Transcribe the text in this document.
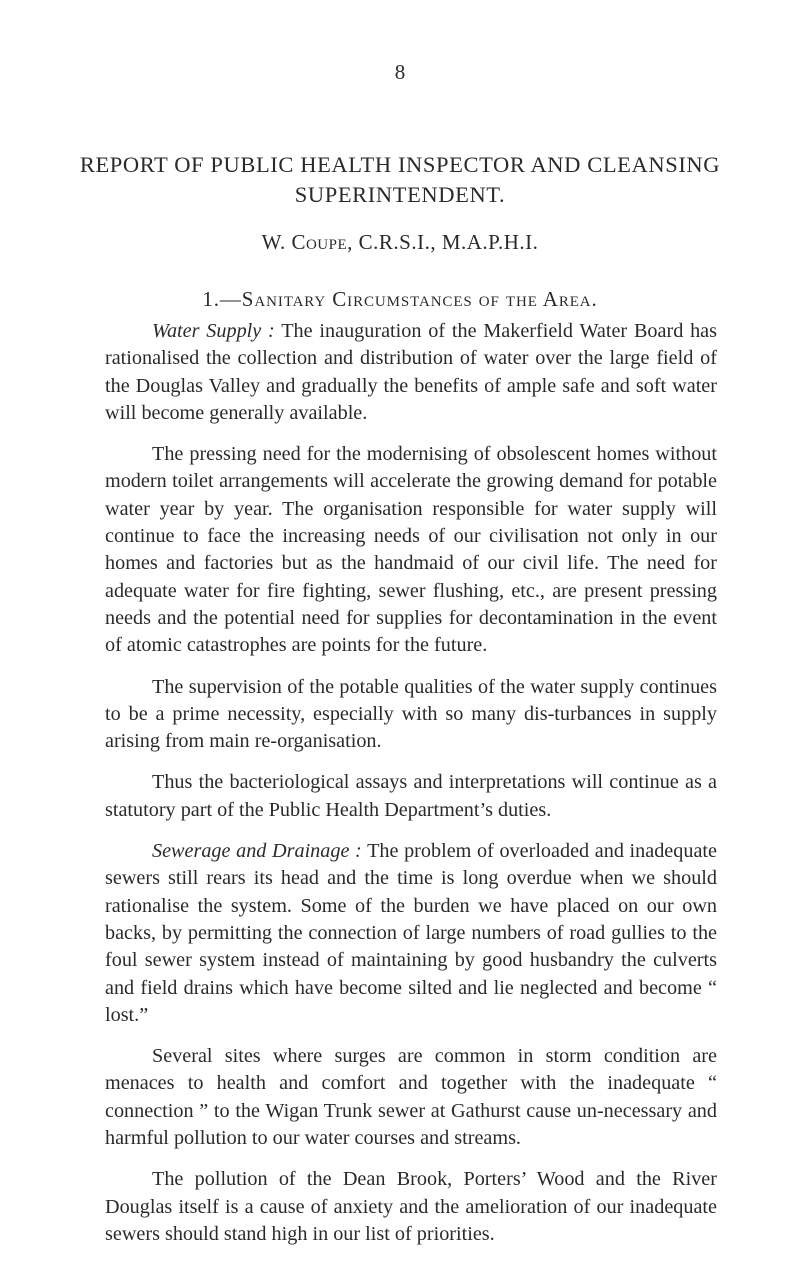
8
REPORT OF PUBLIC HEALTH INSPECTOR AND CLEANSING SUPERINTENDENT.
W. Coupe, C.R.S.I., M.A.P.H.I.
1.—Sanitary Circumstances of the Area.

Water Supply : The inauguration of the Makerfield Water Board has rationalised the collection and distribution of water over the large field of the Douglas Valley and gradually the benefits of ample safe and soft water will become generally available.

The pressing need for the modernising of obsolescent homes without modern toilet arrangements will accelerate the growing demand for potable water year by year. The organisation responsible for water supply will continue to face the increasing needs of our civilisation not only in our homes and factories but as the handmaid of our civil life. The need for adequate water for fire fighting, sewer flushing, etc., are present pressing needs and the potential need for supplies for decontamination in the event of atomic catastrophes are points for the future.

The supervision of the potable qualities of the water supply continues to be a prime necessity, especially with so many dis-turbances in supply arising from main re-organisation.

Thus the bacteriological assays and interpretations will continue as a statutory part of the Public Health Department’s duties.

Sewerage and Drainage : The problem of overloaded and inadequate sewers still rears its head and the time is long overdue when we should rationalise the system. Some of the burden we have placed on our own backs, by permitting the connection of large numbers of road gullies to the foul sewer system instead of maintaining by good husbandry the culverts and field drains which have become silted and lie neglected and become “ lost.”

Several sites where surges are common in storm condition are menaces to health and comfort and together with the inadequate “ connection ” to the Wigan Trunk sewer at Gathurst cause un-necessary and harmful pollution to our water courses and streams.

The pollution of the Dean Brook, Porters’ Wood and the River Douglas itself is a cause of anxiety and the amelioration of our inadequate sewers should stand high in our list of priorities.
